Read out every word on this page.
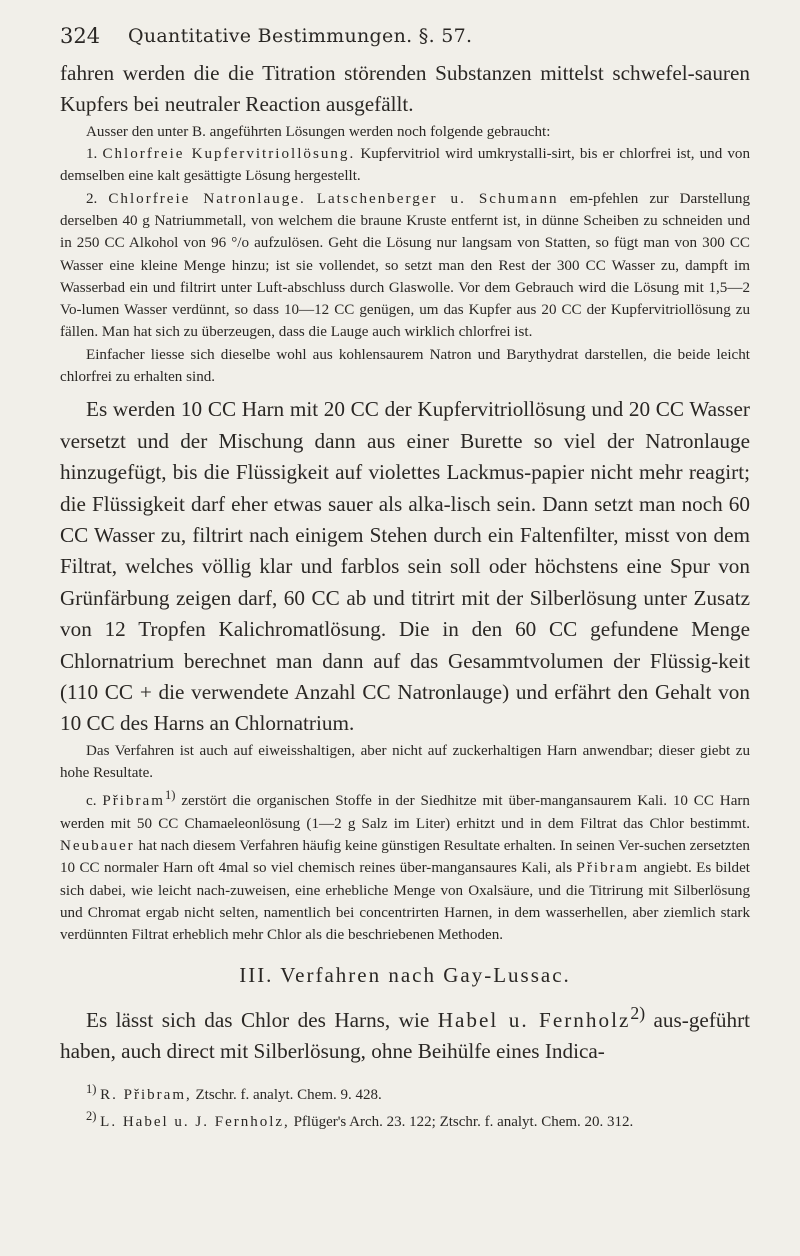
324 Quantitative Bestimmungen. §. 57.

fahren werden die die Titration störenden Substanzen mittelst schwefel-sauren Kupfers bei neutraler Reaction ausgefällt.

Ausser den unter B. angeführten Lösungen werden noch folgende gebraucht:

1. Chlorfreie Kupfervitriollösung. Kupfervitriol wird umkrystalli-sirt, bis er chlorfrei ist, und von demselben eine kalt gesättigte Lösung hergestellt.

2. Chlorfreie Natronlauge. Latschenberger u. Schumann em-pfehlen zur Darstellung derselben 40 g Natriummetall, von welchem die braune Kruste entfernt ist, in dünne Scheiben zu schneiden und in 250 CC Alkohol von 96 °/o aufzulösen. Geht die Lösung nur langsam von Statten, so fügt man von 300 CC Wasser eine kleine Menge hinzu; ist sie vollendet, so setzt man den Rest der 300 CC Wasser zu, dampft im Wasserbad ein und filtrirt unter Luft-abschluss durch Glaswolle. Vor dem Gebrauch wird die Lösung mit 1,5—2 Vo-lumen Wasser verdünnt, so dass 10—12 CC genügen, um das Kupfer aus 20 CC der Kupfervitriollösung zu fällen. Man hat sich zu überzeugen, dass die Lauge auch wirklich chlorfrei ist.

Einfacher liesse sich dieselbe wohl aus kohlensaurem Natron und Barythydrat darstellen, die beide leicht chlorfrei zu erhalten sind.

Es werden 10 CC Harn mit 20 CC der Kupfervitriollösung und 20 CC Wasser versetzt und der Mischung dann aus einer Burette so viel der Natronlauge hinzugefügt, bis die Flüssigkeit auf violettes Lackmus-papier nicht mehr reagirt; die Flüssigkeit darf eher etwas sauer als alka-lisch sein. Dann setzt man noch 60 CC Wasser zu, filtrirt nach einigem Stehen durch ein Faltenfilter, misst von dem Filtrat, welches völlig klar und farblos sein soll oder höchstens eine Spur von Grünfärbung zeigen darf, 60 CC ab und titrirt mit der Silberlösung unter Zusatz von 12 Tropfen Kalichromatlösung. Die in den 60 CC gefundene Menge Chlornatrium berechnet man dann auf das Gesammtvolumen der Flüssig-keit (110 CC + die verwendete Anzahl CC Natronlauge) und erfährt den Gehalt von 10 CC des Harns an Chlornatrium.

Das Verfahren ist auch auf eiweisshaltigen, aber nicht auf zuckerhaltigen Harn anwendbar; dieser giebt zu hohe Resultate.

c. Přibram$^{1)}$ zerstört die organischen Stoffe in der Siedhitze mit über-mangansaurem Kali. 10 CC Harn werden mit 50 CC Chamaeleonlösung (1—2 g Salz im Liter) erhitzt und in dem Filtrat das Chlor bestimmt. Neubauer hat nach diesem Verfahren häufig keine günstigen Resultate erhalten. In seinen Ver-suchen zersetzten 10 CC normaler Harn oft 4mal so viel chemisch reines über-mangansaures Kali, als Přibram angiebt. Es bildet sich dabei, wie leicht nach-zuweisen, eine erhebliche Menge von Oxalsäure, und die Titrirung mit Silberlösung und Chromat ergab nicht selten, namentlich bei concentrirten Harnen, in dem wasserhellen, aber ziemlich stark verdünnten Filtrat erheblich mehr Chlor als die beschriebenen Methoden.

III. Verfahren nach Gay-Lussac.

Es lässt sich das Chlor des Harns, wie Habel u. Fernholz$^{2)}$ aus-geführt haben, auch direct mit Silberlösung, ohne Beihülfe eines Indica-

$^{1)}$ R. Přibram, Ztschr. f. analyt. Chem. 9. 428.

$^{2)}$ L. Habel u. J. Fernholz, Pflüger's Arch. 23. 122; Ztschr. f. analyt. Chem. 20. 312.
